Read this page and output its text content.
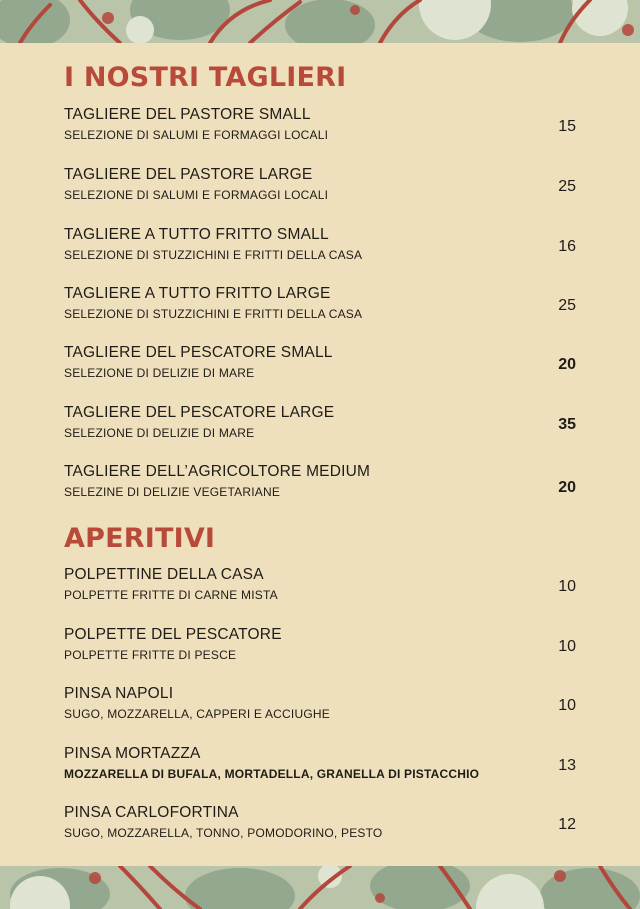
I NOSTRI TAGLIERI
TAGLIERE DEL PASTORE SMALL
SELEZIONE DI SALUMI E FORMAGGI LOCALI	15
TAGLIERE DEL PASTORE LARGE
SELEZIONE DI SALUMI E FORMAGGI LOCALI	25
TAGLIERE A TUTTO FRITTO SMALL
SELEZIONE DI STUZZICHINI E FRITTI DELLA CASA	16
TAGLIERE A TUTTO FRITTO LARGE
SELEZIONE DI STUZZICHINI E FRITTI DELLA CASA	25
TAGLIERE DEL PESCATORE SMALL
SELEZIONE DI DELIZIE DI MARE	20
TAGLIERE DEL PESCATORE LARGE
SELEZIONE DI DELIZIE DI MARE	35
TAGLIERE DELL’AGRICOLTORE MEDIUM
SELEZINE DI DELIZIE VEGETARIANE	20
APERITIVI
POLPETTINE DELLA CASA
POLPETTE FRITTE DI CARNE MISTA	10
POLPETTE DEL PESCATORE
POLPETTE FRITTE DI PESCE	10
PINSA NAPOLI
SUGO, MOZZARELLA, CAPPERI E ACCIUGHE	10
PINSA MORTAZZA
MOZZARELLA DI BUFALA, MORTADELLA, GRANELLA DI PISTACCHIO	13
PINSA CARLOFORTINA
SUGO, MOZZARELLA, TONNO, POMODORINO, PESTO	12
